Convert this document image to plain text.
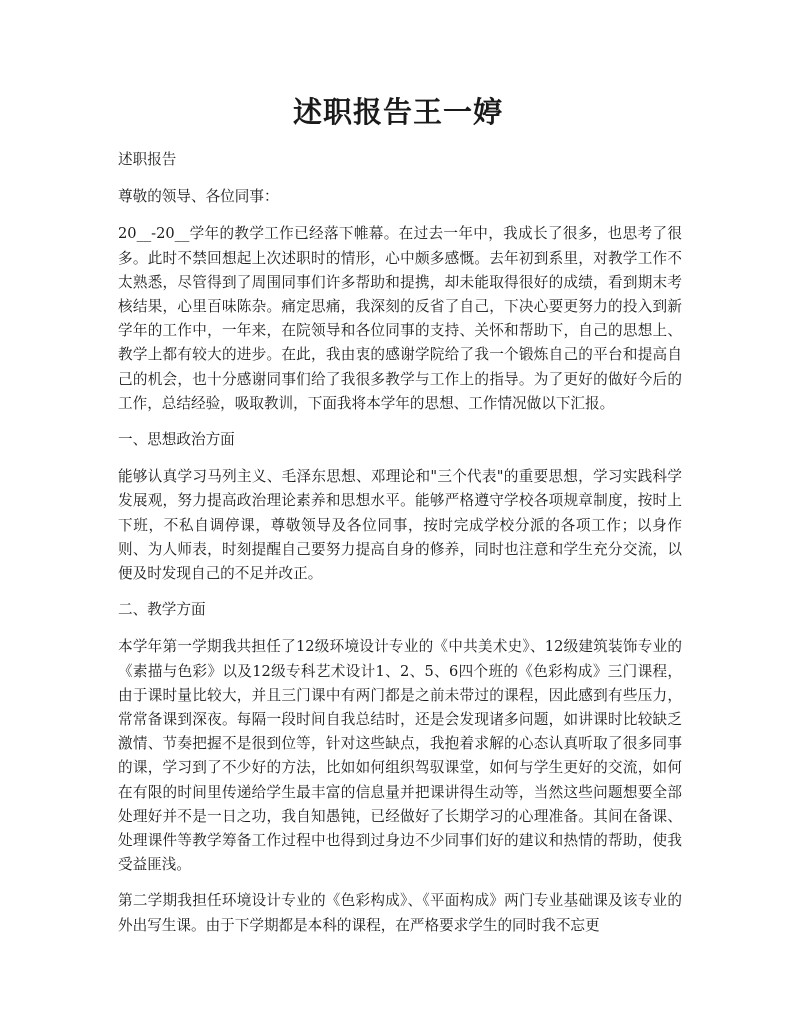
述职报告王一婷

述职报告

尊敬的领导、各位同事：

20__-20__学年的教学工作已经落下帷幕。在过去一年中，我成长了很多，也思考了很多。此时不禁回想起上次述职时的情形，心中颇多感慨。去年初到系里，对教学工作不太熟悉，尽管得到了周围同事们许多帮助和提携，却未能取得很好的成绩，看到期末考核结果，心里百味陈杂。痛定思痛，我深刻的反省了自己，下决心要更努力的投入到新学年的工作中，一年来，在院领导和各位同事的支持、关怀和帮助下，自己的思想上、教学上都有较大的进步。在此，我由衷的感谢学院给了我一个锻炼自己的平台和提高自己的机会，也十分感谢同事们给了我很多教学与工作上的指导。为了更好的做好今后的工作，总结经验，吸取教训，下面我将本学年的思想、工作情况做以下汇报。

一、思想政治方面

能够认真学习马列主义、毛泽东思想、邓理论和"三个代表"的重要思想，学习实践科学发展观，努力提高政治理论素养和思想水平。能够严格遵守学校各项规章制度，按时上下班，不私自调停课，尊敬领导及各位同事，按时完成学校分派的各项工作；以身作则、为人师表，时刻提醒自己要努力提高自身的修养，同时也注意和学生充分交流，以便及时发现自己的不足并改正。

二、教学方面

本学年第一学期我共担任了12级环境设计专业的《中共美术史》、12级建筑装饰专业的《素描与色彩》以及12级专科艺术设计1、2、5、6四个班的《色彩构成》三门课程，由于课时量比较大，并且三门课中有两门都是之前未带过的课程，因此感到有些压力，常常备课到深夜。每隔一段时间自我总结时，还是会发现诸多问题，如讲课时比较缺乏激情、节奏把握不是很到位等，针对这些缺点，我抱着求解的心态认真听取了很多同事的课，学习到了不少好的方法，比如如何组织驾驭课堂，如何与学生更好的交流，如何在有限的时间里传递给学生最丰富的信息量并把课讲得生动等，当然这些问题想要全部处理好并不是一日之功，我自知愚钝，已经做好了长期学习的心理准备。其间在备课、处理课件等教学筹备工作过程中也得到过身边不少同事们好的建议和热情的帮助，使我受益匪浅。

第二学期我担任环境设计专业的《色彩构成》、《平面构成》两门专业基础课及该专业的外出写生课。由于下学期都是本科的课程，在严格要求学生的同时我不忘更
